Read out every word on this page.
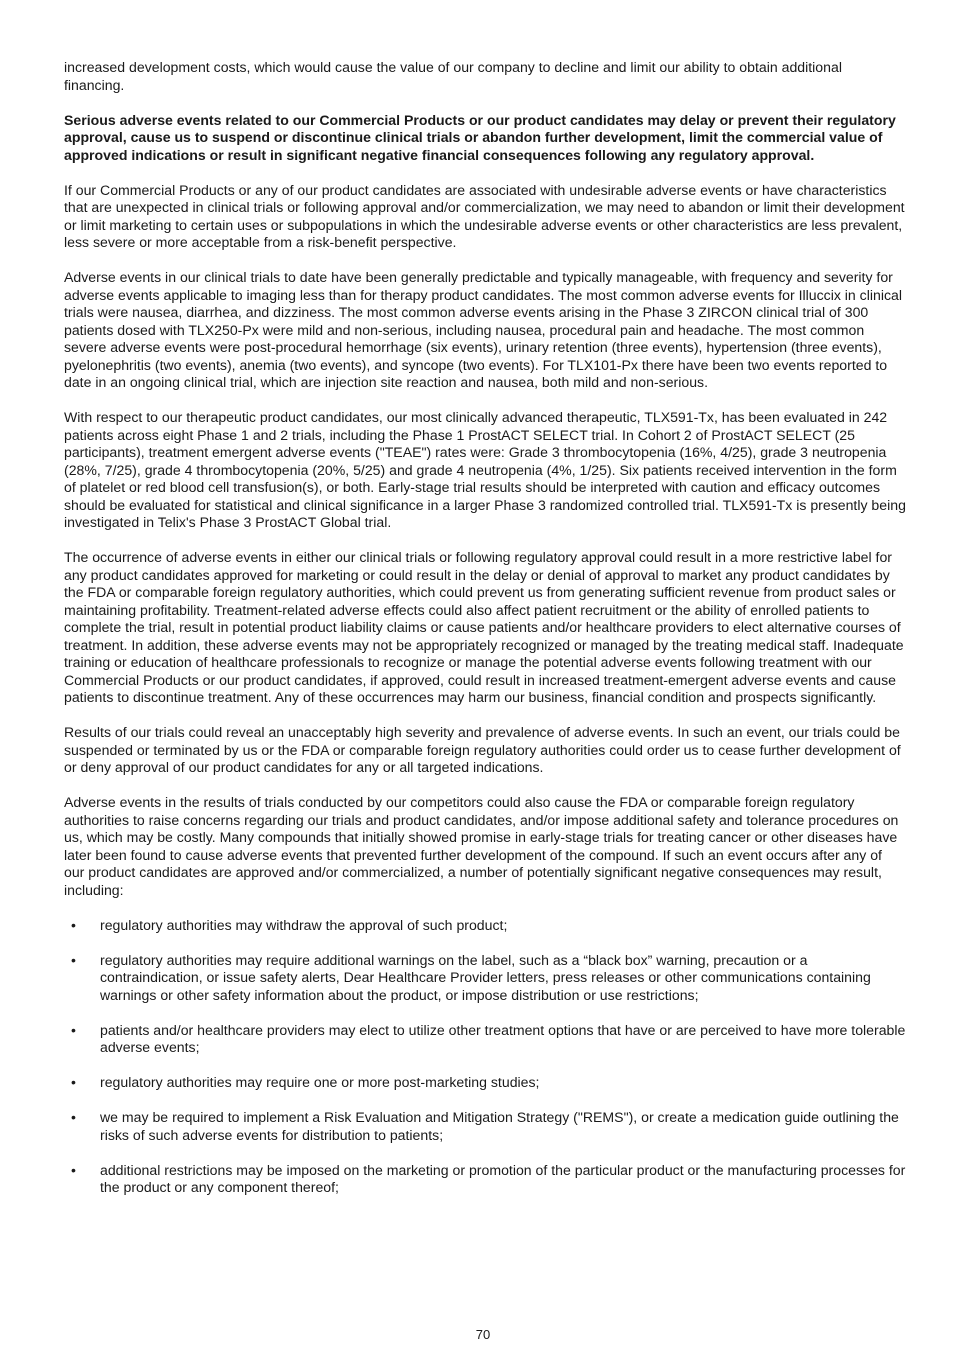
increased development costs, which would cause the value of our company to decline and limit our ability to obtain additional financing.

Serious adverse events related to our Commercial Products or our product candidates may delay or prevent their regulatory approval, cause us to suspend or discontinue clinical trials or abandon further development, limit the commercial value of approved indications or result in significant negative financial consequences following any regulatory approval.

If our Commercial Products or any of our product candidates are associated with undesirable adverse events or have characteristics that are unexpected in clinical trials or following approval and/or commercialization, we may need to abandon or limit their development or limit marketing to certain uses or subpopulations in which the undesirable adverse events or other characteristics are less prevalent, less severe or more acceptable from a risk-benefit perspective.

Adverse events in our clinical trials to date have been generally predictable and typically manageable, with frequency and severity for adverse events applicable to imaging less than for therapy product candidates. The most common adverse events for Illuccix in clinical trials were nausea, diarrhea, and dizziness. The most common adverse events arising in the Phase 3 ZIRCON clinical trial of 300 patients dosed with TLX250-Px were mild and non-serious, including nausea, procedural pain and headache. The most common severe adverse events were post-procedural hemorrhage (six events), urinary retention (three events), hypertension (three events), pyelonephritis (two events), anemia (two events), and syncope (two events). For TLX101-Px there have been two events reported to date in an ongoing clinical trial, which are injection site reaction and nausea, both mild and non-serious.

With respect to our therapeutic product candidates, our most clinically advanced therapeutic, TLX591-Tx, has been evaluated in 242 patients across eight Phase 1 and 2 trials, including the Phase 1 ProstACT SELECT trial. In Cohort 2 of ProstACT SELECT (25 participants), treatment emergent adverse events ("TEAE") rates were: Grade 3 thrombocytopenia (16%, 4/25), grade 3 neutropenia (28%, 7/25), grade 4 thrombocytopenia (20%, 5/25) and grade 4 neutropenia (4%, 1/25). Six patients received intervention in the form of platelet or red blood cell transfusion(s), or both. Early-stage trial results should be interpreted with caution and efficacy outcomes should be evaluated for statistical and clinical significance in a larger Phase 3 randomized controlled trial. TLX591-Tx is presently being investigated in Telix's Phase 3 ProstACT Global trial.

The occurrence of adverse events in either our clinical trials or following regulatory approval could result in a more restrictive label for any product candidates approved for marketing or could result in the delay or denial of approval to market any product candidates by the FDA or comparable foreign regulatory authorities, which could prevent us from generating sufficient revenue from product sales or maintaining profitability. Treatment-related adverse effects could also affect patient recruitment or the ability of enrolled patients to complete the trial, result in potential product liability claims or cause patients and/or healthcare providers to elect alternative courses of treatment. In addition, these adverse events may not be appropriately recognized or managed by the treating medical staff. Inadequate training or education of healthcare professionals to recognize or manage the potential adverse events following treatment with our Commercial Products or our product candidates, if approved, could result in increased treatment-emergent adverse events and cause patients to discontinue treatment. Any of these occurrences may harm our business, financial condition and prospects significantly.

Results of our trials could reveal an unacceptably high severity and prevalence of adverse events. In such an event, our trials could be suspended or terminated by us or the FDA or comparable foreign regulatory authorities could order us to cease further development of or deny approval of our product candidates for any or all targeted indications.

Adverse events in the results of trials conducted by our competitors could also cause the FDA or comparable foreign regulatory authorities to raise concerns regarding our trials and product candidates, and/or impose additional safety and tolerance procedures on us, which may be costly. Many compounds that initially showed promise in early-stage trials for treating cancer or other diseases have later been found to cause adverse events that prevented further development of the compound. If such an event occurs after any of our product candidates are approved and/or commercialized, a number of potentially significant negative consequences may result, including:

• regulatory authorities may withdraw the approval of such product;
• regulatory authorities may require additional warnings on the label, such as a “black box” warning, precaution or a contraindication, or issue safety alerts, Dear Healthcare Provider letters, press releases or other communications containing warnings or other safety information about the product, or impose distribution or use restrictions;
• patients and/or healthcare providers may elect to utilize other treatment options that have or are perceived to have more tolerable adverse events;
• regulatory authorities may require one or more post-marketing studies;
• we may be required to implement a Risk Evaluation and Mitigation Strategy ("REMS"), or create a medication guide outlining the risks of such adverse events for distribution to patients;
• additional restrictions may be imposed on the marketing or promotion of the particular product or the manufacturing processes for the product or any component thereof;
70
